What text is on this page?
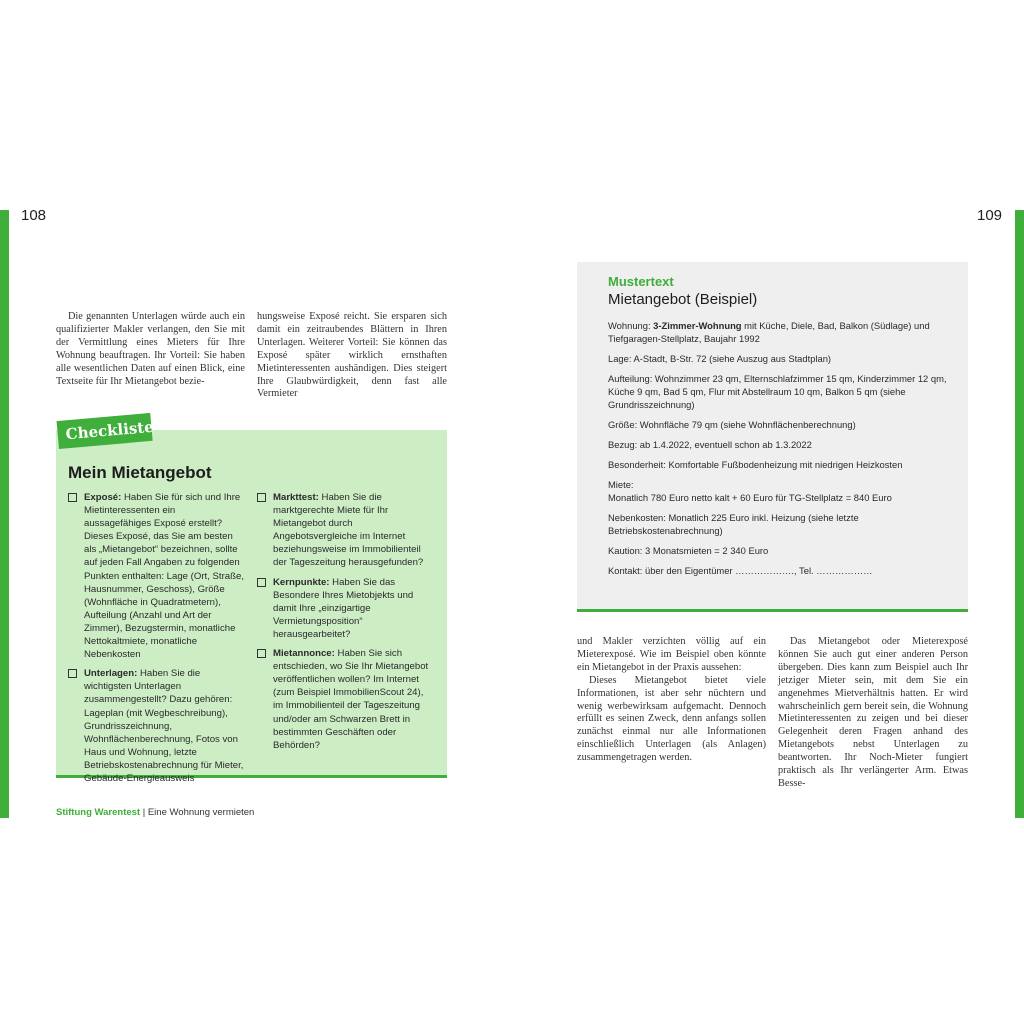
108	109

Die genannten Unterlagen würde auch ein qualifizierter Makler verlangen, den Sie mit der Vermittlung eines Mieters für Ihre Wohnung beauftragen. Ihr Vorteil: Sie haben alle wesentlichen Daten auf einen Blick, eine Textseite für Ihr Mietangebot bezie-

hungsweise Exposé reicht. Sie ersparen sich damit ein zeitraubendes Blättern in Ihren Unterlagen. Weiterer Vorteil: Sie können das Exposé später wirklich ernsthaften Mietinteressenten aushändigen. Dies steigert Ihre Glaubwürdigkeit, denn fast alle Vermieter

Checkliste
Mein Mietangebot
Exposé: Haben Sie für sich und Ihre Mietinteressenten ein aussagefähiges Exposé erstellt? Dieses Exposé, das Sie am besten als „Mietangebot“ bezeichnen, sollte auf jeden Fall Angaben zu folgenden Punkten enthalten: Lage (Ort, Straße, Hausnummer, Geschoss), Größe (Wohnfläche in Quadratmetern), Aufteilung (Anzahl und Art der Zimmer), Bezugstermin, monatliche Nettokaltmiete, monatliche Nebenkosten
Unterlagen: Haben Sie die wichtigsten Unterlagen zusammengestellt? Dazu gehören: Lageplan (mit Wegbeschreibung), Grundrisszeichnung, Wohnflächenberechnung, Fotos von Haus und Wohnung, letzte Betriebskostenabrechnung für Mieter, Gebäude-Energieausweis
Markttest: Haben Sie die marktgerechte Miete für Ihr Mietangebot durch Angebotsvergleiche im Internet beziehungsweise im Immobilienteil der Tageszeitung herausgefunden?
Kernpunkte: Haben Sie das Besondere Ihres Mietobjekts und damit Ihre „einzigartige Vermietungsposition“ herausgearbeitet?
Mietannonce: Haben Sie sich entschieden, wo Sie Ihr Mietangebot veröffentlichen wollen? Im Internet (zum Beispiel ImmobilienScout 24), im Immobilienteil der Tageszeitung und/oder am Schwarzen Brett in bestimmten Geschäften oder Behörden?
Stiftung Warentest | Eine Wohnung vermieten
Mustertext
Mietangebot (Beispiel)
Wohnung: 3-Zimmer-Wohnung mit Küche, Diele, Bad, Balkon (Südlage) und Tiefgaragen-Stellplatz, Baujahr 1992
Lage: A-Stadt, B-Str. 72 (siehe Auszug aus Stadtplan)
Aufteilung: Wohnzimmer 23 qm, Elternschlafzimmer 15 qm, Kinderzimmer 12 qm, Küche 9 qm, Bad 5 qm, Flur mit Abstellraum 10 qm, Balkon 5 qm (siehe Grundrisszeichnung)
Größe: Wohnfläche 79 qm (siehe Wohnflächenberechnung)
Bezug: ab 1.4.2022, eventuell schon ab 1.3.2022
Besonderheit: Komfortable Fußbodenheizung mit niedrigen Heizkosten
Miete:
Monatlich 780 Euro netto kalt + 60 Euro für TG-Stellplatz = 840 Euro
Nebenkosten: Monatlich 225 Euro inkl. Heizung (siehe letzte Betriebskostenabrechnung)
Kaution: 3 Monatsmieten = 2 340 Euro
Kontakt: über den Eigentümer ………………., Tel. ………………

und Makler verzichten völlig auf ein Mieterexposé. Wie im Beispiel oben könnte ein Mietangebot in der Praxis aussehen:

Dieses Mietangebot bietet viele Informationen, ist aber sehr nüchtern und wenig werbewirksam aufgemacht. Dennoch erfüllt es seinen Zweck, denn anfangs sollen zunächst einmal nur alle Informationen einschließlich Unterlagen (als Anlagen) zusammengetragen werden.

Das Mietangebot oder Mieterexposé können Sie auch gut einer anderen Person übergeben. Dies kann zum Beispiel auch Ihr jetziger Mieter sein, mit dem Sie ein angenehmes Mietverhältnis hatten. Er wird wahrscheinlich gern bereit sein, die Wohnung Mietinteressenten zu zeigen und bei dieser Gelegenheit deren Fragen anhand des Mietangebots nebst Unterlagen zu beantworten. Ihr Noch-Mieter fungiert praktisch als Ihr verlängerter Arm. Etwas Besse-
